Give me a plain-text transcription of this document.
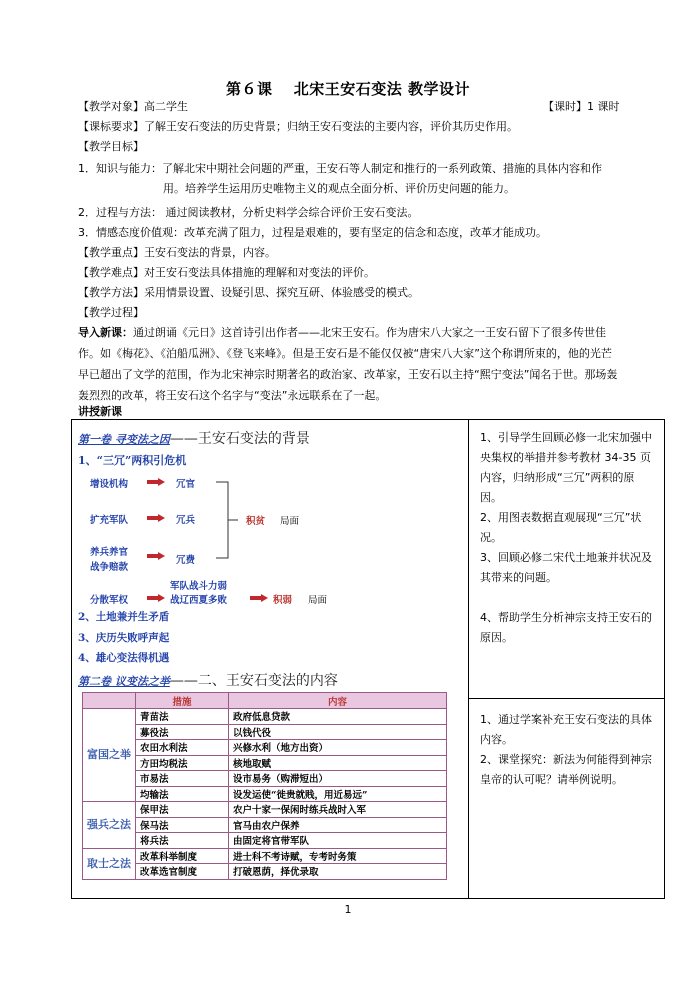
第６课　 北宋王安石变法 教学设计
【教学对象】高二学生	【课时】1 课时
【课标要求】了解王安石变法的历史背景；归纳王安石变法的主要内容，评价其历史作用。
【教学目标】
1．知识与能力：了解北宋中期社会问题的严重，王安石等人制定和推行的一系列政策、措施的具体内容和作
用。培养学生运用历史唯物主义的观点全面分析、评价历史问题的能力。
2．过程与方法： 通过阅读教材，分析史料学会综合评价王安石变法。
3．情感态度价值观：改革充满了阻力，过程是艰难的，要有坚定的信念和态度，改革才能成功。
【教学重点】王安石变法的背景，内容。
【教学难点】对王安石变法具体措施的理解和对变法的评价。
【教学方法】采用情景设置、设疑引思、探究互研、体验感受的模式。
【教学过程】
导入新课：通过朗诵《元日》这首诗引出作者——北宋王安石。作为唐宋八大家之一王安石留下了很多传世佳作。如《梅花》、《泊船瓜洲》、《登飞来峰》。但是王安石是不能仅仅被“唐宋八大家”这个称谓所束的，他的光芒早已超出了文学的范围，作为北宋神宗时期著名的政治家、改革家，王安石以主持“熙宁变法”闻名于世。那场轰轰烈烈的改革，将王安石这个名字与“变法”永远联系在了一起。
讲授新课
第一卷 寻变法之因——王安石变法的背景
1、“三冗”两积引危机
增设机构
扩充军队
养兵养官
战争赔款
分散军权
冗官
冗兵
冗费
积贫 局面
军队战斗力弱
战辽西夏多败	积弱 局面
2、土地兼并生矛盾
3、庆历失败呼声起
4、雄心变法得机遇
第二卷 议变法之举——二、王安石变法的内容
	措施	内容
富国之举	青苗法	政府低息贷款
	募役法	以钱代役
	农田水利法	兴修水利（地方出资）
	方田均税法	核地取赋
	市易法	设市易务（购滞短出）
	均输法	设发运使“徙贵就贱，用近易远”
强兵之法	保甲法	农户十家一保闲时练兵战时入军
	保马法	官马由农户保养
	将兵法	由固定将官带军队
取士之法	改革科举制度	进士科不考诗赋，专考时务策
	改革选官制度	打破恩荫，择优录取
1、引导学生回顾必修一北宋加强中央集权的举措并参考教材 34-35 页内容，归纳形成“三冗”两积的原因。
2、用图表数据直观展现“三冗”状况。
3、回顾必修二宋代土地兼并状况及其带来的问题。

4、帮助学生分析神宗支持王安石的原因。
1、通过学案补充王安石变法的具体内容。
2、课堂探究：新法为何能得到神宗皇帝的认可呢？请举例说明。
1
